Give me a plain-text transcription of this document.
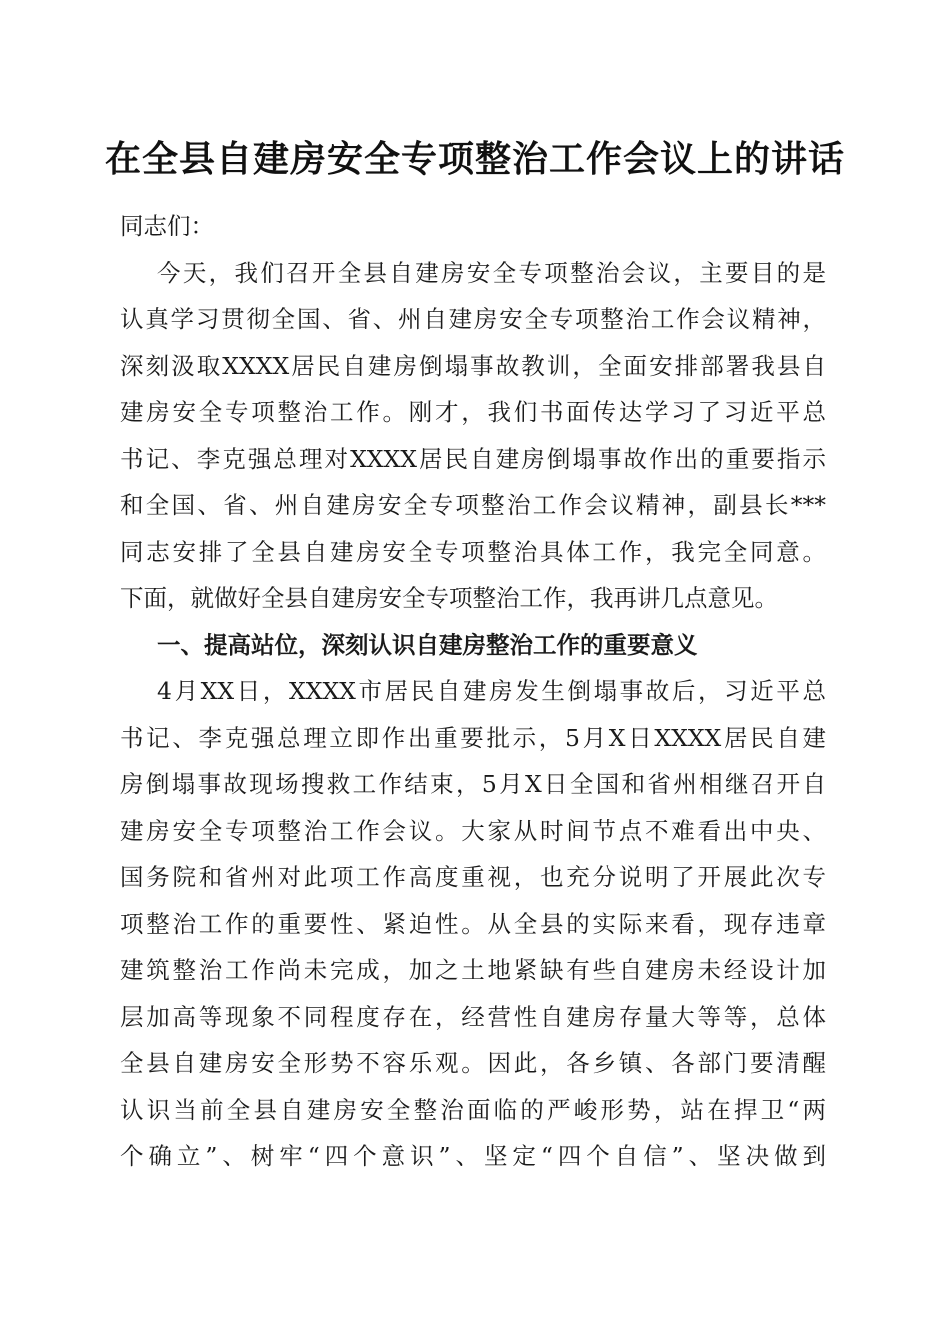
在全县自建房安全专项整治工作会议上的讲话
同志们：
今天，我们召开全县自建房安全专项整治会议，主要目的是
认真学习贯彻全国、省、州自建房安全专项整治工作会议精神，
深刻汲取XXXX居民自建房倒塌事故教训，全面安排部署我县自
建房安全专项整治工作。刚才，我们书面传达学习了习近平总
书记、李克强总理对XXXX居民自建房倒塌事故作出的重要指示
和全国、省、州自建房安全专项整治工作会议精神，副县长***
同志安排了全县自建房安全专项整治具体工作，我完全同意。
下面，就做好全县自建房安全专项整治工作，我再讲几点意见。
一、提高站位，深刻认识自建房整治工作的重要意义
4月XX日，XXXX市居民自建房发生倒塌事故后，习近平总
书记、李克强总理立即作出重要批示，5月X日XXXX居民自建
房倒塌事故现场搜救工作结束，5月X日全国和省州相继召开自
建房安全专项整治工作会议。大家从时间节点不难看出中央、
国务院和省州对此项工作高度重视，也充分说明了开展此次专
项整治工作的重要性、紧迫性。从全县的实际来看，现存违章
建筑整治工作尚未完成，加之土地紧缺有些自建房未经设计加
层加高等现象不同程度存在，经营性自建房存量大等等，总体
全县自建房安全形势不容乐观。因此，各乡镇、各部门要清醒
认识当前全县自建房安全整治面临的严峻形势，站在捍卫“两
个确立”、树牢“四个意识”、坚定“四个自信”、坚决做到
